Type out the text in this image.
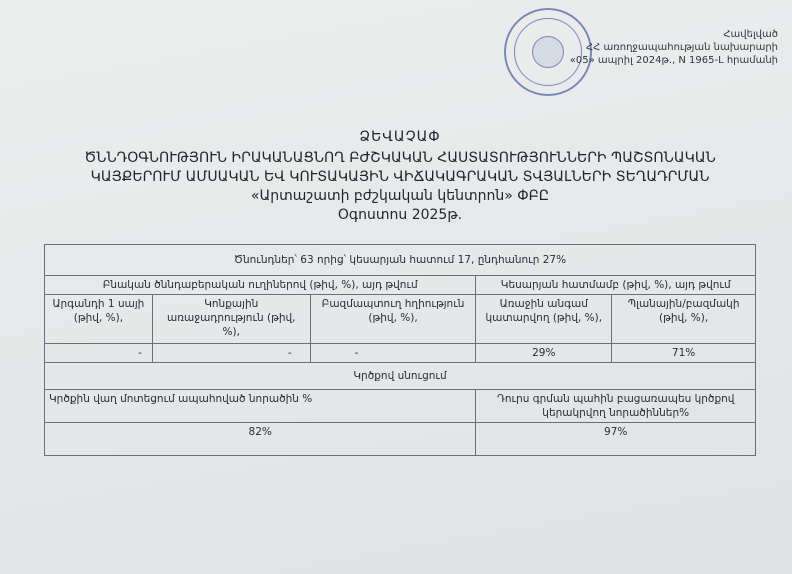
Հավելված
ՀՀ առողջապահության նախարարի
«05» ապրիլ 2024թ., N 1965-L հրամանի
ՁԵՎԱՉԱՓ
ԾՆՆԴՕԳՆՈՒԹՅՈՒՆ ԻՐԱԿԱՆԱՑՆՈՂ ԲԺՇԿԱԿԱՆ ՀԱՍՏԱՏՈՒԹՅՈՒՆՆԵՐԻ ՊԱՇՏՈՆԱԿԱՆ
ԿԱՅՔԵՐՈՒՄ ԱՄՍԱԿԱՆ ԵՎ ԿՈՒՏԱԿԱՅԻՆ ՎԻՃԱԿԱԳՐԱԿԱՆ ՏՎՅԱԼՆԵՐԻ ՏԵՂԱԴՐՄԱՆ
«Արտաշատի բժշկական կենտրոն» ՓԲԸ
Օգոստոս 2025թ.
Ծնունդներ՝ 63 որից՝ կեսարյան հատում 17, ընդհանուր 27%				
Բնական ծննդաբերական ուղիներով (թիվ, %), այդ թվում			Կեսարյան հատմամբ (թիվ, %), այդ թվում	
Արգանդի 1 սայի (թիվ, %),	Կոնքային առաջադրություն (թիվ, %),	Բազմապտուղ հղիություն (թիվ, %),	Առաջին անգամ կատարվող (թիվ, %),	Պլանային/բազմակի (թիվ, %),
-	-	-	29%	71%
Կրծքով սնուցում				
Կրծքին վաղ մոտեցում ապահոված նորածին %			Դուրս գրման պահին բացառապես կրծքով կերակրվող նորածիններ%	
82%			97%	
